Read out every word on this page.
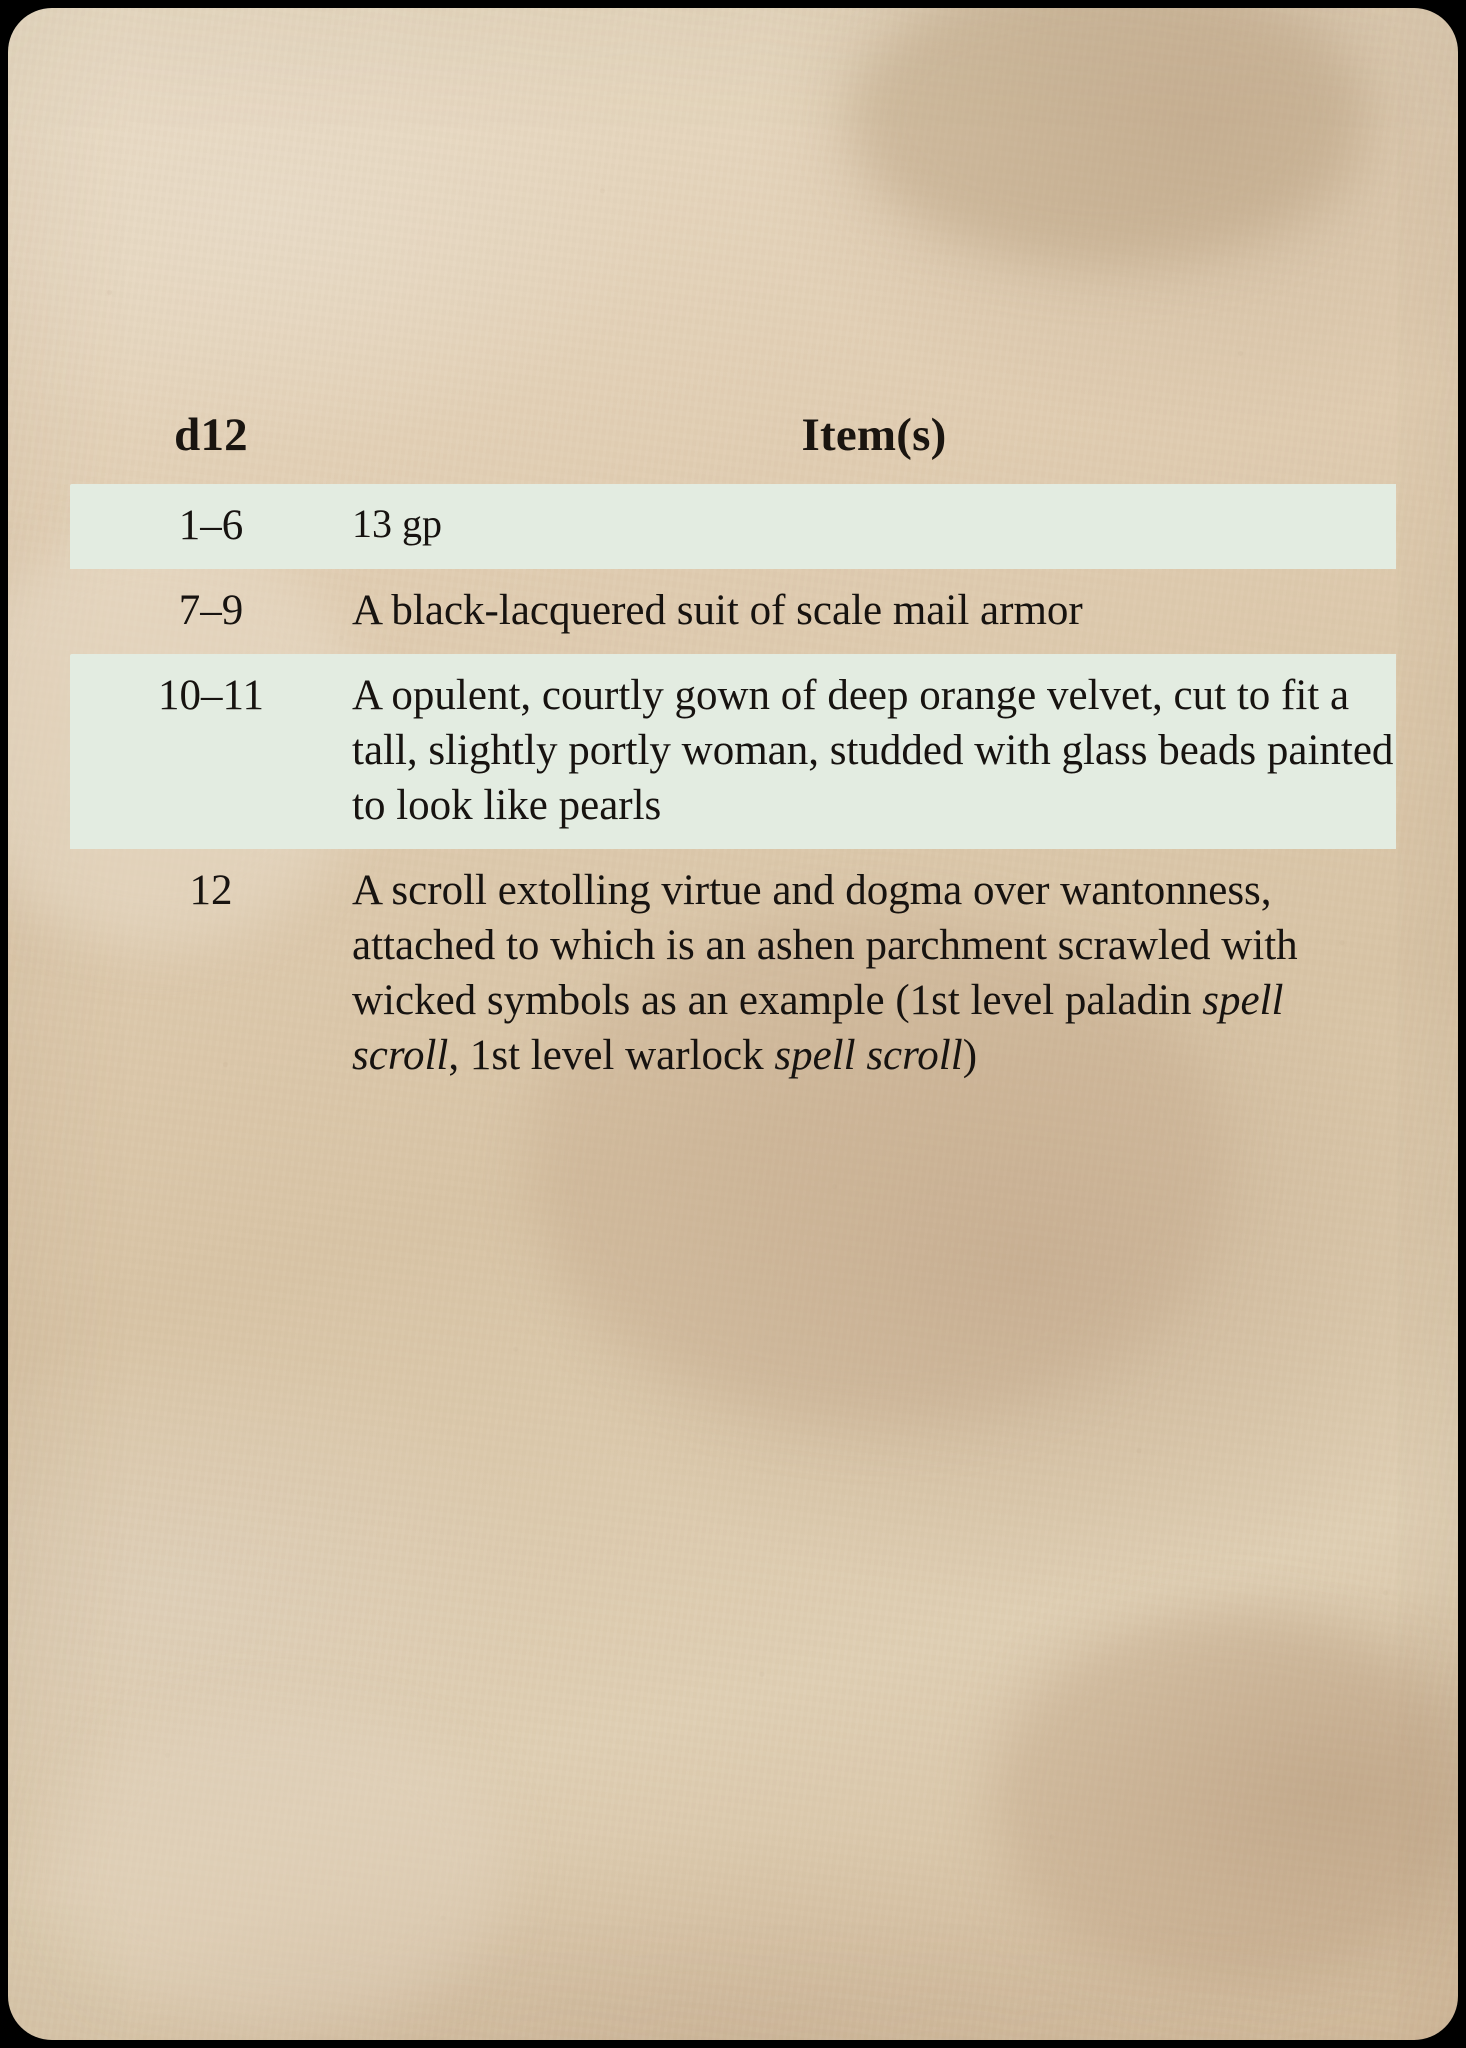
d12	Item(s)
1–6	13 gp
7–9	A black-lacquered suit of scale mail armor
10–11	A opulent, courtly gown of deep orange velvet, cut to fit a tall, slightly portly woman, studded with glass beads painted to look like pearls
12	A scroll extolling virtue and dogma over wantonness, attached to which is an ashen parchment scrawled with wicked symbols as an example (1st level paladin spell scroll, 1st level warlock spell scroll)
